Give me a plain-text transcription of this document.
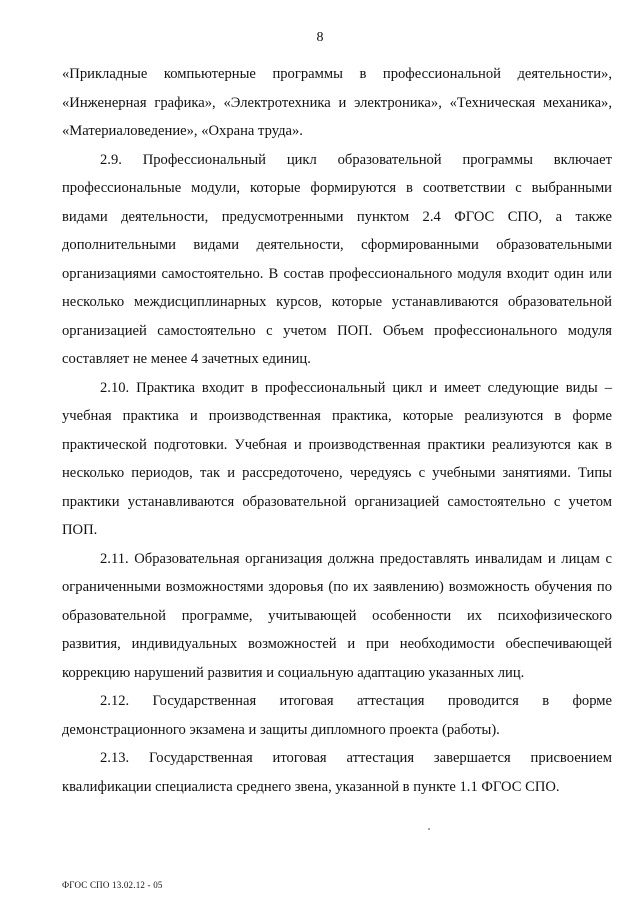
8

«Прикладные компьютерные программы в профессиональной деятельности», «Инженерная графика», «Электротехника и электроника», «Техническая механика», «Материаловедение», «Охрана труда».

2.9. Профессиональный цикл образовательной программы включает профессиональные модули, которые формируются в соответствии с выбранными видами деятельности, предусмотренными пунктом 2.4 ФГОС СПО, а также дополнительными видами деятельности, сформированными образовательными организациями самостоятельно. В состав профессионального модуля входит один или несколько междисциплинарных курсов, которые устанавливаются образовательной организацией самостоятельно с учетом ПОП. Объем профессионального модуля составляет не менее 4 зачетных единиц.

2.10. Практика входит в профессиональный цикл и имеет следующие виды – учебная практика и производственная практика, которые реализуются в форме практической подготовки. Учебная и производственная практики реализуются как в несколько периодов, так и рассредоточено, чередуясь с учебными занятиями. Типы практики устанавливаются образовательной организацией самостоятельно с учетом ПОП.

2.11. Образовательная организация должна предоставлять инвалидам и лицам с ограниченными возможностями здоровья (по их заявлению) возможность обучения по образовательной программе, учитывающей особенности их психофизического развития, индивидуальных возможностей и при необходимости обеспечивающей коррекцию нарушений развития и социальную адаптацию указанных лиц.

2.12. Государственная итоговая аттестация проводится в форме демонстрационного экзамена и защиты дипломного проекта (работы).

2.13. Государственная итоговая аттестация завершается присвоением квалификации специалиста среднего звена, указанной в пункте 1.1 ФГОС СПО.

ФГОС СПО 13.02.12 - 05
